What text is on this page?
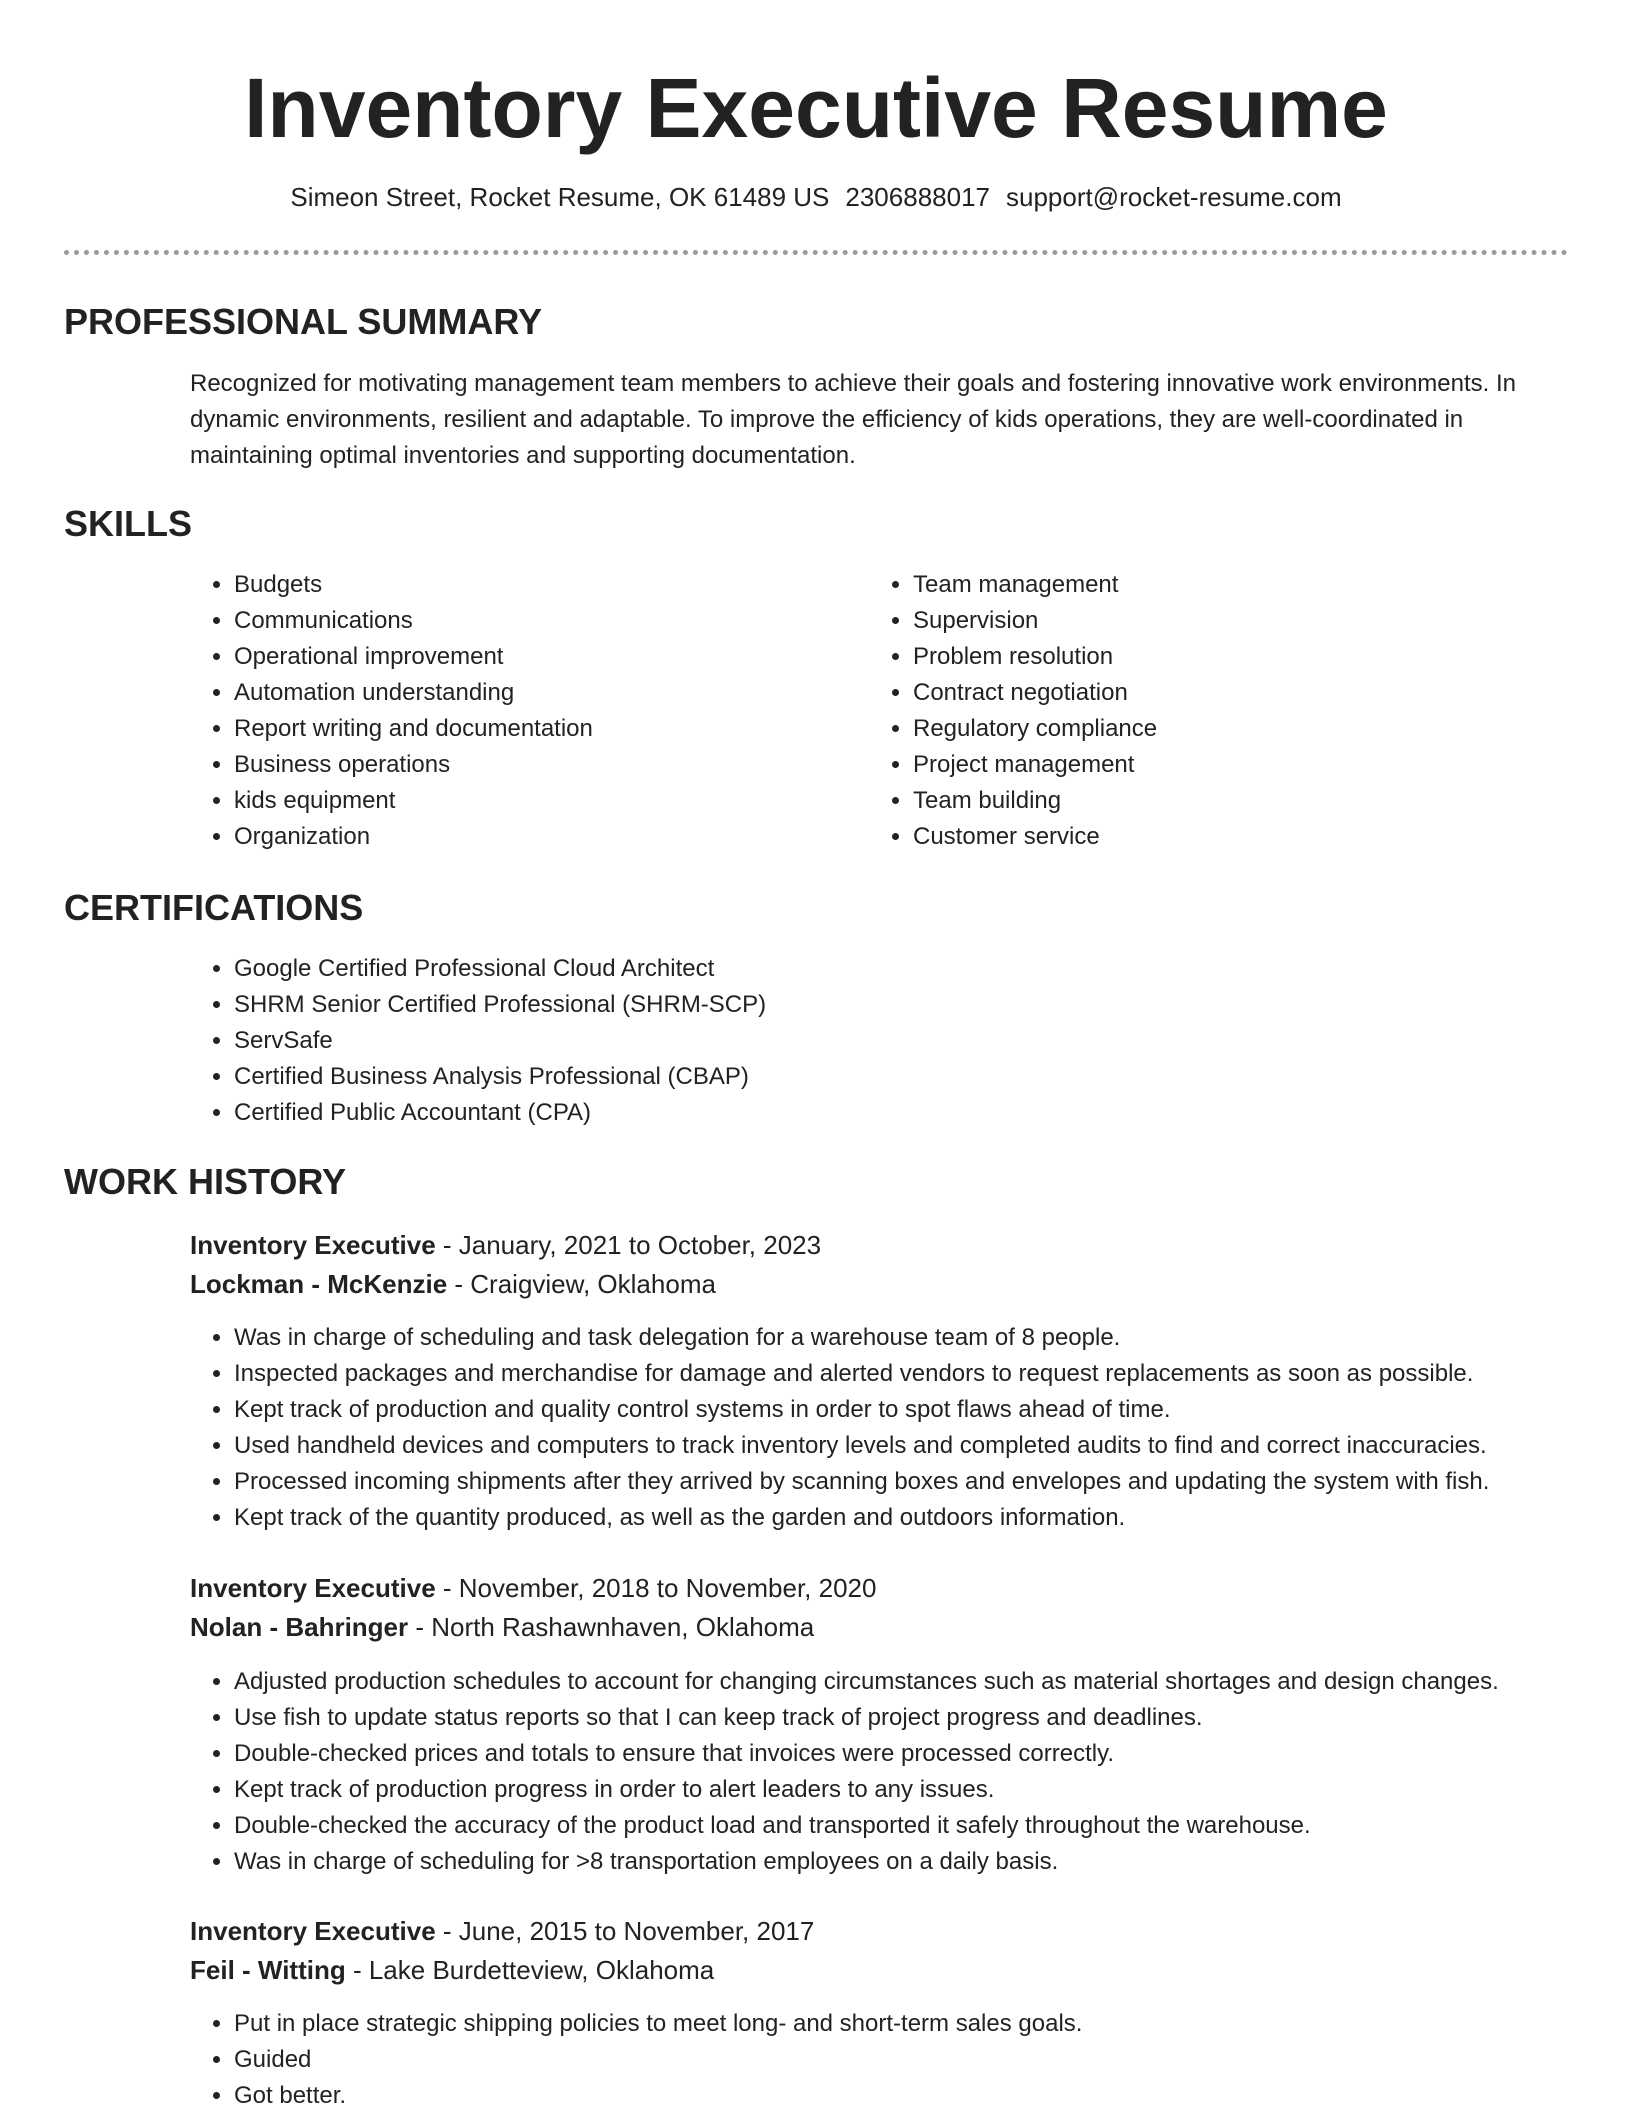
Inventory Executive Resume
Simeon Street, Rocket Resume, OK 61489 US 2306888017 support@rocket-resume.com
PROFESSIONAL SUMMARY

Recognized for motivating management team members to achieve their goals and fostering innovative work environments. In dynamic environments, resilient and adaptable. To improve the efficiency of kids operations, they are well-coordinated in maintaining optimal inventories and supporting documentation.

SKILLS
• Budgets
• Communications
• Operational improvement
• Automation understanding
• Report writing and documentation
• Business operations
• kids equipment
• Organization
• Team management
• Supervision
• Problem resolution
• Contract negotiation
• Regulatory compliance
• Project management
• Team building
• Customer service
CERTIFICATIONS
• Google Certified Professional Cloud Architect
• SHRM Senior Certified Professional (SHRM-SCP)
• ServSafe
• Certified Business Analysis Professional (CBAP)
• Certified Public Accountant (CPA)
WORK HISTORY
Inventory Executive - January, 2021 to October, 2023
Lockman - McKenzie - Craigview, Oklahoma
• Was in charge of scheduling and task delegation for a warehouse team of 8 people.
• Inspected packages and merchandise for damage and alerted vendors to request replacements as soon as possible.
• Kept track of production and quality control systems in order to spot flaws ahead of time.
• Used handheld devices and computers to track inventory levels and completed audits to find and correct inaccuracies.
• Processed incoming shipments after they arrived by scanning boxes and envelopes and updating the system with fish.
• Kept track of the quantity produced, as well as the garden and outdoors information.
Inventory Executive - November, 2018 to November, 2020
Nolan - Bahringer - North Rashawnhaven, Oklahoma
• Adjusted production schedules to account for changing circumstances such as material shortages and design changes.
• Use fish to update status reports so that I can keep track of project progress and deadlines.
• Double-checked prices and totals to ensure that invoices were processed correctly.
• Kept track of production progress in order to alert leaders to any issues.
• Double-checked the accuracy of the product load and transported it safely throughout the warehouse.
• Was in charge of scheduling for >8 transportation employees on a daily basis.
Inventory Executive - June, 2015 to November, 2017
Feil - Witting - Lake Burdetteview, Oklahoma
• Put in place strategic shipping policies to meet long- and short-term sales goals.
• Guided
• Got better.
